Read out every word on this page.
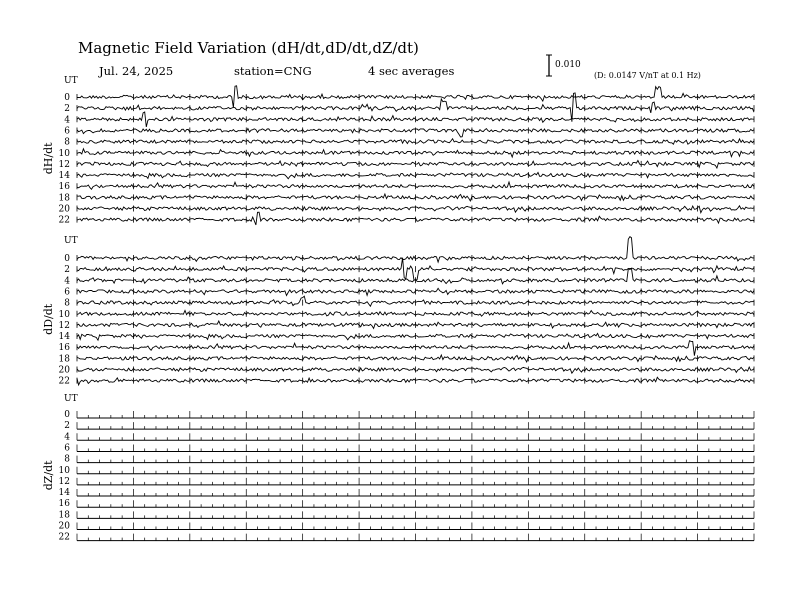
UT
dH/dt
0
2
4
6
8
10
12
14
16
18
20
22
UT
dD/dt
0
2
4
6
8
10
12
14
16
18
20
22
UT
dZ/dt
0
2
4
6
8
10
12
14
16
18
20
22
Magnetic Field Variation (dH/dt,dD/dt,dZ/dt)
Jul. 24, 2025	station=CNG	4 sec averages	0.010
(D: 0.0147 V/nT at 0.1 Hz)
